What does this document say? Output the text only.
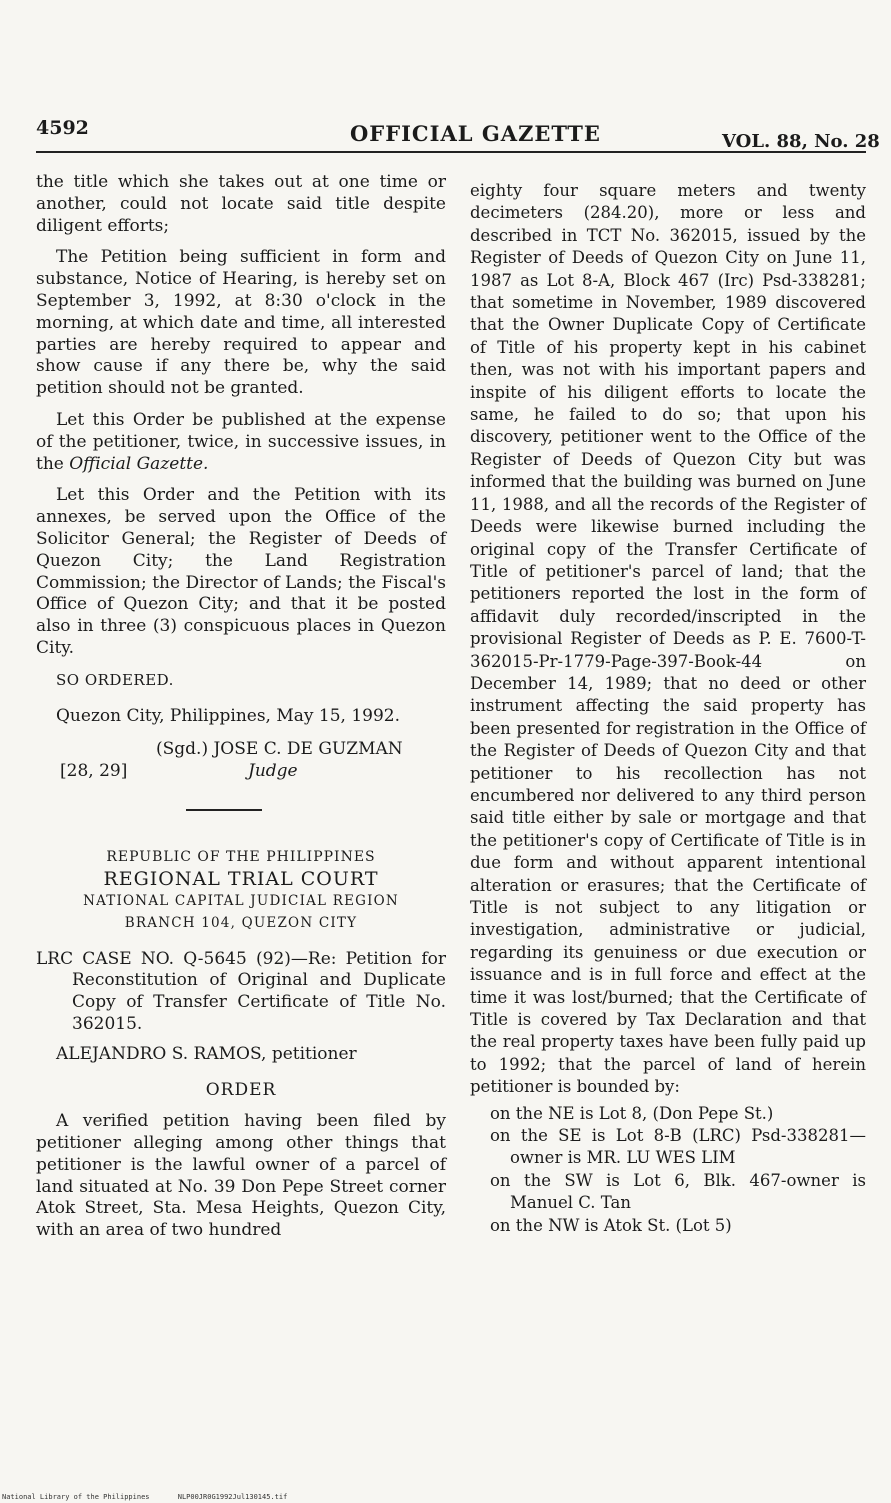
4592	OFFICIAL GAZETTE	VOL. 88, No. 28

the title which she takes out at one time or another, could not locate said title despite diligent efforts;

The Petition being sufficient in form and substance, Notice of Hearing, is hereby set on September 3, 1992, at 8:30 o'clock in the morning, at which date and time, all interested parties are hereby required to appear and show cause if any there be, why the said petition should not be granted.

Let this Order be published at the expense of the petitioner, twice, in successive issues, in the Official Gazette.

Let this Order and the Petition with its annexes, be served upon the Office of the Solicitor General; the Register of Deeds of Quezon City; the Land Registration Commission; the Director of Lands; the Fiscal's Office of Quezon City; and that it be posted also in three (3) conspicuous places in Quezon City.

SO ORDERED.

Quezon City, Philippines, May 15, 1992.

(Sgd.) JOSE C. DE GUZMAN
[28, 29]	Judge
REPUBLIC OF THE PHILIPPINES
REGIONAL TRIAL COURT
NATIONAL CAPITAL JUDICIAL REGION
BRANCH 104, QUEZON CITY

LRC CASE NO. Q-5645 (92)—Re: Petition for Reconstitution of Original and Duplicate Copy of Transfer Certificate of Title No. 362015.

ALEJANDRO S. RAMOS, petitioner

ORDER

A verified petition having been filed by petitioner alleging among other things that petitioner is the lawful owner of a parcel of land situated at No. 39 Don Pepe Street corner Atok Street, Sta. Mesa Heights, Quezon City, with an area of two hundred

eighty four square meters and twenty decimeters (284.20), more or less and described in TCT No. 362015, issued by the Register of Deeds of Quezon City on June 11, 1987 as Lot 8-A, Block 467 (Irc) Psd-338281; that sometime in November, 1989 discovered that the Owner Duplicate Copy of Certificate of Title of his property kept in his cabinet then, was not with his important papers and inspite of his diligent efforts to locate the same, he failed to do so; that upon his discovery, petitioner went to the Office of the Register of Deeds of Quezon City but was informed that the building was burned on June 11, 1988, and all the records of the Register of Deeds were likewise burned including the original copy of the Transfer Certificate of Title of petitioner's parcel of land; that the petitioners reported the lost in the form of affidavit duly recorded/inscripted in the provisional Register of Deeds as P. E. 7600-T-362015-Pr-1779-Page-397-Book-44 on December 14, 1989; that no deed or other instrument affecting the said property has been presented for registration in the Office of the Register of Deeds of Quezon City and that petitioner to his recollection has not encumbered nor delivered to any third person said title either by sale or mortgage and that the petitioner's copy of Certificate of Title is in due form and without apparent intentional alteration or erasures; that the Certificate of Title is not subject to any litigation or investigation, administrative or judicial, regarding its genuiness or due execution or issuance and is in full force and effect at the time it was lost/burned; that the Certificate of Title is covered by Tax Declaration and that the real property taxes have been fully paid up to 1992; that the parcel of land of herein petitioner is bounded by:

on the NE is Lot 8, (Don Pepe St.)
on the SE is Lot 8-B (LRC) Psd-338281—owner is MR. LU WES LIM
on the SW is Lot 6, Blk. 467-owner is Manuel C. Tan
on the NW is Atok St. (Lot 5)
National Library of the Philippines	NLP00JR0G1992Jul130145.tif
